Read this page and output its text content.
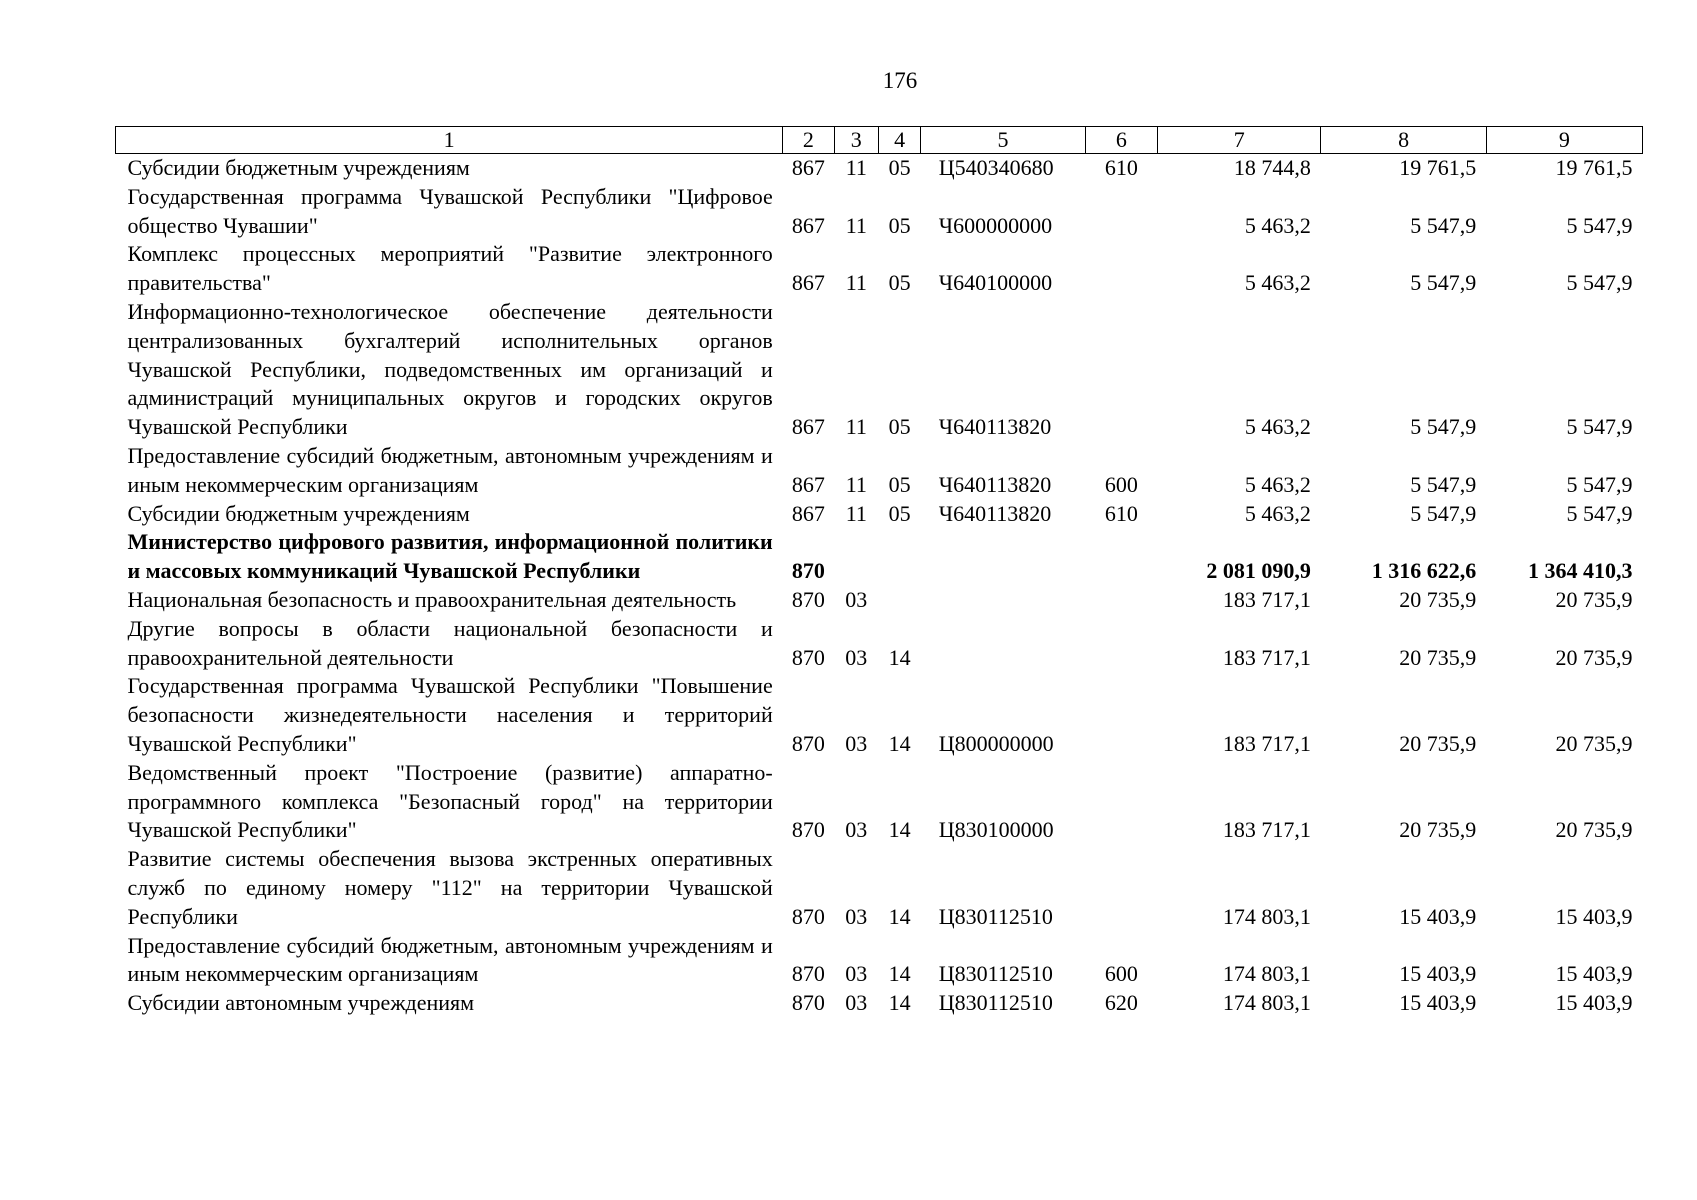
176
1	2	3	4	5	6	7	8	9
Субсидии бюджетным учреждениям	867	11	05	Ц540340680	610	18 744,8	19 761,5	19 761,5
Государственная программа Чувашской Республики "Цифровое общество Чувашии"	867	11	05	Ч600000000		5 463,2	5 547,9	5 547,9
Комплекс процессных мероприятий "Развитие электронного правительства"	867	11	05	Ч640100000		5 463,2	5 547,9	5 547,9
Информационно-технологическое обеспечение деятельности централизованных бухгалтерий исполнительных органов Чувашской Республики, подведомственных им организаций и администраций муниципальных округов и городских округов Чувашской Республики	867	11	05	Ч640113820		5 463,2	5 547,9	5 547,9
Предоставление субсидий бюджетным, автономным учреждениям и иным некоммерческим организациям	867	11	05	Ч640113820	600	5 463,2	5 547,9	5 547,9
Субсидии бюджетным учреждениям	867	11	05	Ч640113820	610	5 463,2	5 547,9	5 547,9
Министерство цифрового развития, информационной политики и массовых коммуникаций Чувашской Республики	870					2 081 090,9	1 316 622,6	1 364 410,3
Национальная безопасность и правоохранительная деятельность	870	03				183 717,1	20 735,9	20 735,9
Другие вопросы в области национальной безопасности и правоохранительной деятельности	870	03	14			183 717,1	20 735,9	20 735,9
Государственная программа Чувашской Республики "Повышение безопасности жизнедеятельности населения и территорий Чувашской Республики"	870	03	14	Ц800000000		183 717,1	20 735,9	20 735,9
Ведомственный проект "Построение (развитие) аппаратно-программного комплекса "Безопасный город" на территории Чувашской Республики"	870	03	14	Ц830100000		183 717,1	20 735,9	20 735,9
Развитие системы обеспечения вызова экстренных оперативных служб по единому номеру "112" на территории Чувашской Республики	870	03	14	Ц830112510		174 803,1	15 403,9	15 403,9
Предоставление субсидий бюджетным, автономным учреждениям и иным некоммерческим организациям	870	03	14	Ц830112510	600	174 803,1	15 403,9	15 403,9
Субсидии автономным учреждениям	870	03	14	Ц830112510	620	174 803,1	15 403,9	15 403,9
